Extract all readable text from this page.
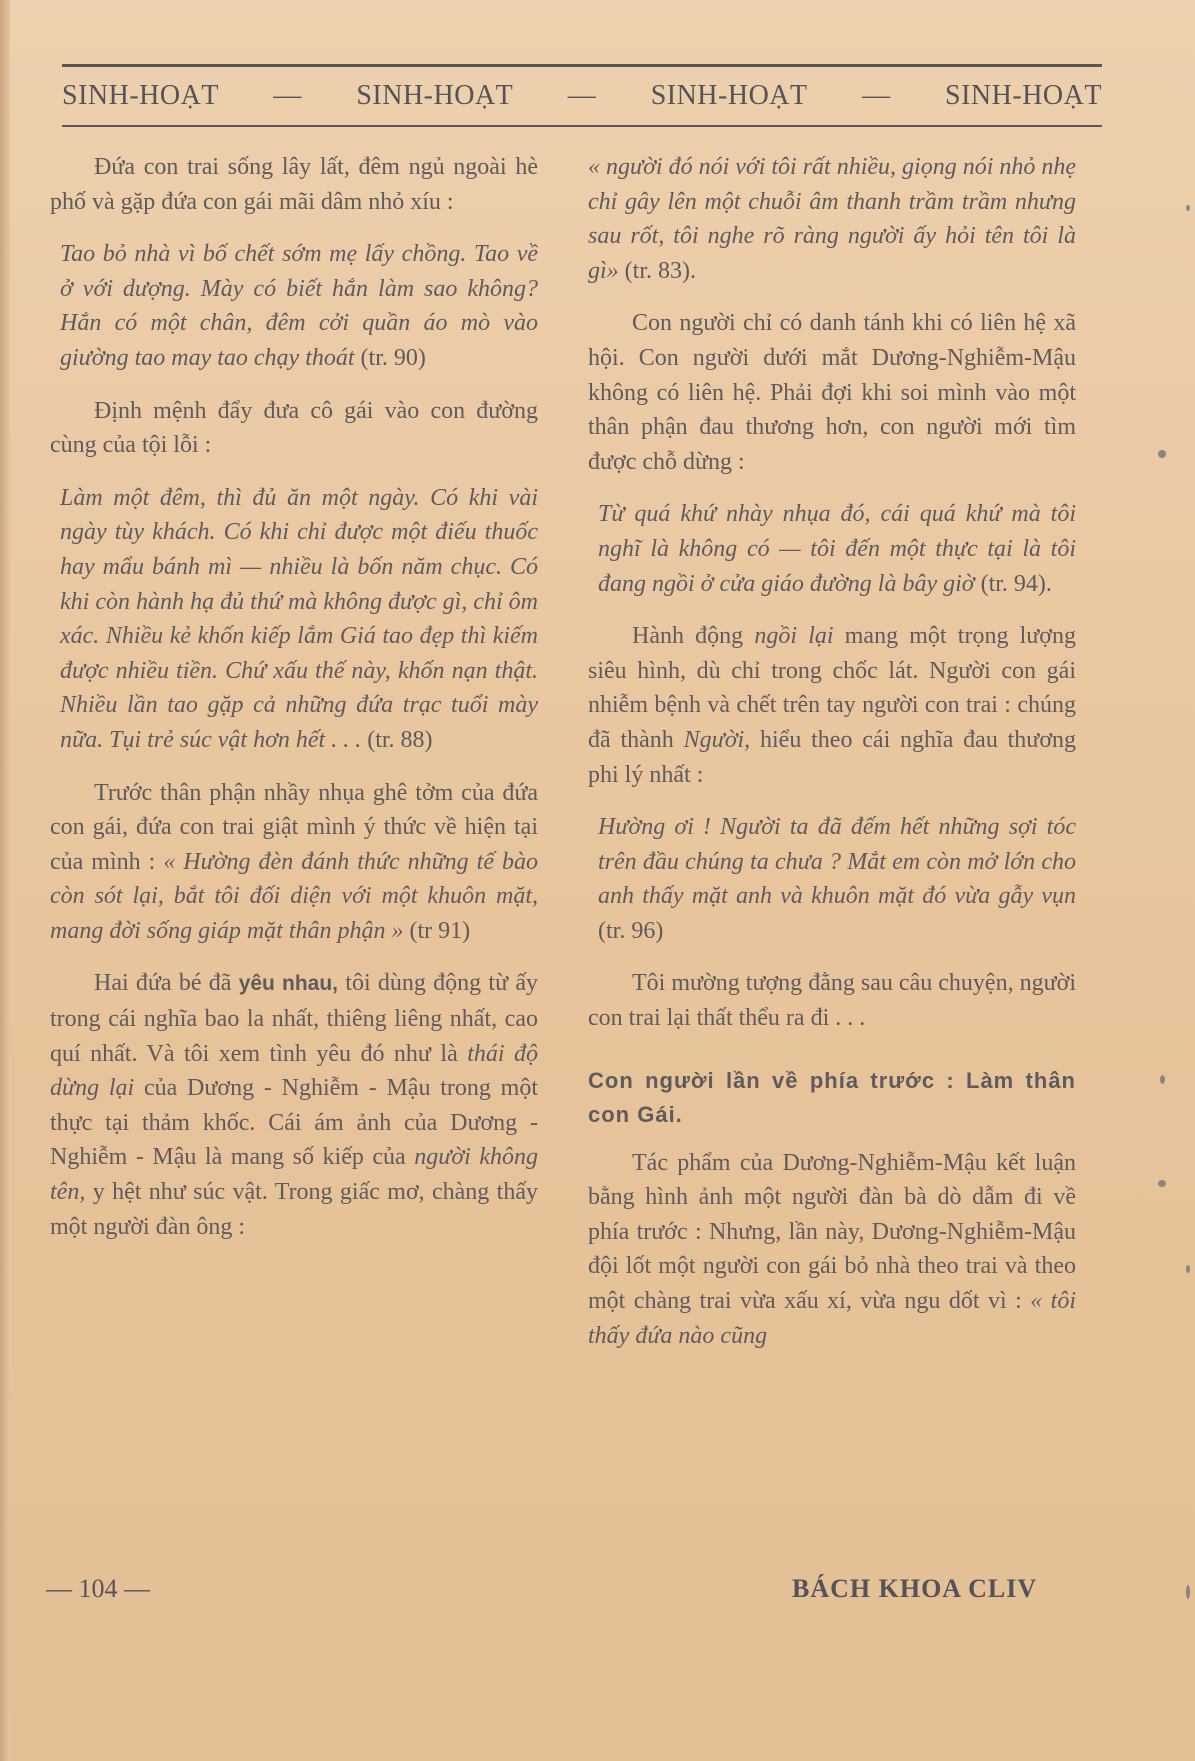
SINH-HOẠT — SINH-HOẠT — SINH-HOẠT — SINH-HOẠT

Đứa con trai sống lây lất, đêm ngủ ngoài hè phố và gặp đứa con gái mãi dâm nhỏ xíu :

Tao bỏ nhà vì bố chết sớm mẹ lấy chồng. Tao về ở với dượng. Mày có biết hắn làm sao không? Hắn có một chân, đêm cởi quần áo mò vào giường tao may tao chạy thoát (tr. 90)

Định mệnh đẩy đưa cô gái vào con đường cùng của tội lỗi :

Làm một đêm, thì đủ ăn một ngày. Có khi vài ngày tùy khách. Có khi chỉ được một điếu thuốc hay mẩu bánh mì — nhiều là bốn năm chục. Có khi còn hành hạ đủ thứ mà không được gì, chỉ ôm xác. Nhiều kẻ khốn kiếp lắm Giá tao đẹp thì kiếm được nhiều tiền. Chứ xấu thế này, khốn nạn thật. Nhiều lần tao gặp cả những đứa trạc tuổi mày nữa. Tụi trẻ súc vật hơn hết . . . (tr. 88)

Trước thân phận nhầy nhụa ghê tởm của đứa con gái, đứa con trai giật mình ý thức về hiện tại của mình : « Hường đèn đánh thức những tế bào còn sót lại, bắt tôi đối diện với một khuôn mặt, mang đời sống giáp mặt thân phận » (tr 91)

Hai đứa bé đã yêu nhau, tôi dùng động từ ấy trong cái nghĩa bao la nhất, thiêng liêng nhất, cao quí nhất. Và tôi xem tình yêu đó như là thái độ dừng lại của Dương - Nghiễm - Mậu trong một thực tại thảm khốc. Cái ám ảnh của Dương - Nghiễm - Mậu là mang số kiếp của người không tên, y hệt như súc vật. Trong giấc mơ, chàng thấy một người đàn ông :

« người đó nói với tôi rất nhiều, giọng nói nhỏ nhẹ chỉ gây lên một chuỗi âm thanh trầm trầm nhưng sau rốt, tôi nghe rõ ràng người ấy hỏi tên tôi là gì» (tr. 83).

Con người chỉ có danh tánh khi có liên hệ xã hội. Con người dưới mắt Dương-Nghiễm-Mậu không có liên hệ. Phải đợi khi soi mình vào một thân phận đau thương hơn, con người mới tìm được chỗ dừng :

Từ quá khứ nhày nhụa đó, cái quá khứ mà tôi nghĩ là không có — tôi đến một thực tại là tôi đang ngồi ở cửa giáo đường là bây giờ (tr. 94).

Hành động ngồi lại mang một trọng lượng siêu hình, dù chỉ trong chốc lát. Người con gái nhiễm bệnh và chết trên tay người con trai : chúng đã thành Người, hiểu theo cái nghĩa đau thương phi lý nhất :

Hường ơi ! Người ta đã đếm hết những sợi tóc trên đầu chúng ta chưa ? Mắt em còn mở lớn cho anh thấy mặt anh và khuôn mặt đó vừa gẫy vụn (tr. 96)

Tôi mường tượng đằng sau câu chuyện, người con trai lại thất thểu ra đi . . .

Con người lần về phía trước : Làm thân con Gái.

Tác phẩm của Dương-Nghiễm-Mậu kết luận bằng hình ảnh một người đàn bà dò dẫm đi về phía trước : Nhưng, lần này, Dương-Nghiễm-Mậu đội lốt một người con gái bỏ nhà theo trai và theo một chàng trai vừa xấu xí, vừa ngu dốt vì : « tôi thấy đứa nào cũng

— 104 —	BÁCH KHOA CLIV
